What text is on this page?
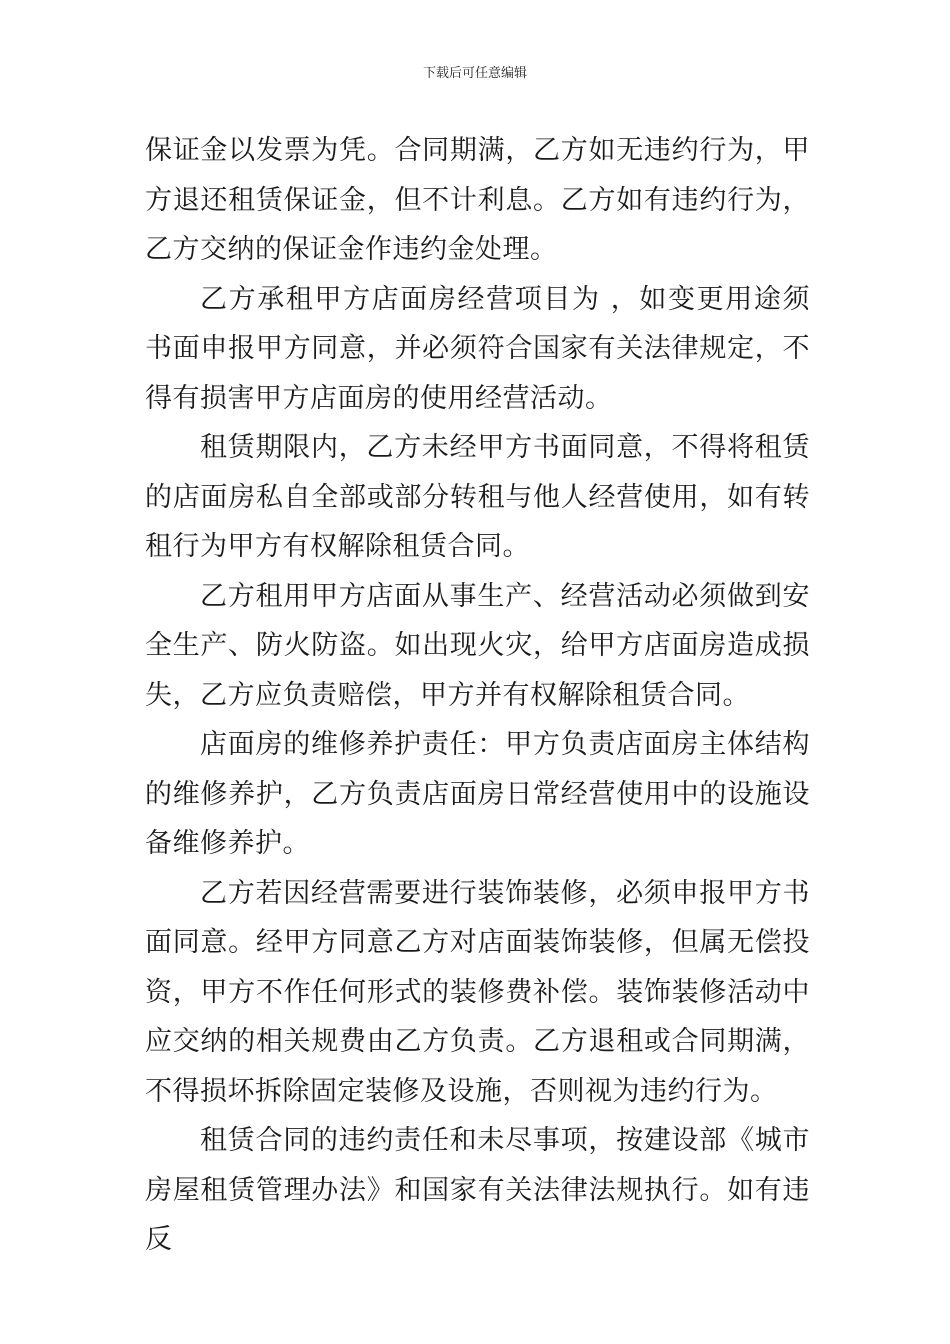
下载后可任意编辑

保证金以发票为凭。合同期满，乙方如无违约行为，甲方退还租赁保证金，但不计利息。乙方如有违约行为，乙方交纳的保证金作违约金处理。

乙方承租甲方店面房经营项目为 ，如变更用途须书面申报甲方同意，并必须符合国家有关法律规定，不得有损害甲方店面房的使用经营活动。

租赁期限内，乙方未经甲方书面同意，不得将租赁的店面房私自全部或部分转租与他人经营使用，如有转租行为甲方有权解除租赁合同。

乙方租用甲方店面从事生产、经营活动必须做到安全生产、防火防盗。如出现火灾，给甲方店面房造成损失，乙方应负责赔偿，甲方并有权解除租赁合同。

店面房的维修养护责任：甲方负责店面房主体结构的维修养护，乙方负责店面房日常经营使用中的设施设备维修养护。

乙方若因经营需要进行装饰装修，必须申报甲方书面同意。经甲方同意乙方对店面装饰装修，但属无偿投资，甲方不作任何形式的装修费补偿。装饰装修活动中应交纳的相关规费由乙方负责。乙方退租或合同期满，不得损坏拆除固定装修及设施，否则视为违约行为。

租赁合同的违约责任和未尽事项，按建设部《城市房屋租赁管理办法》和国家有关法律法规执行。如有违反
